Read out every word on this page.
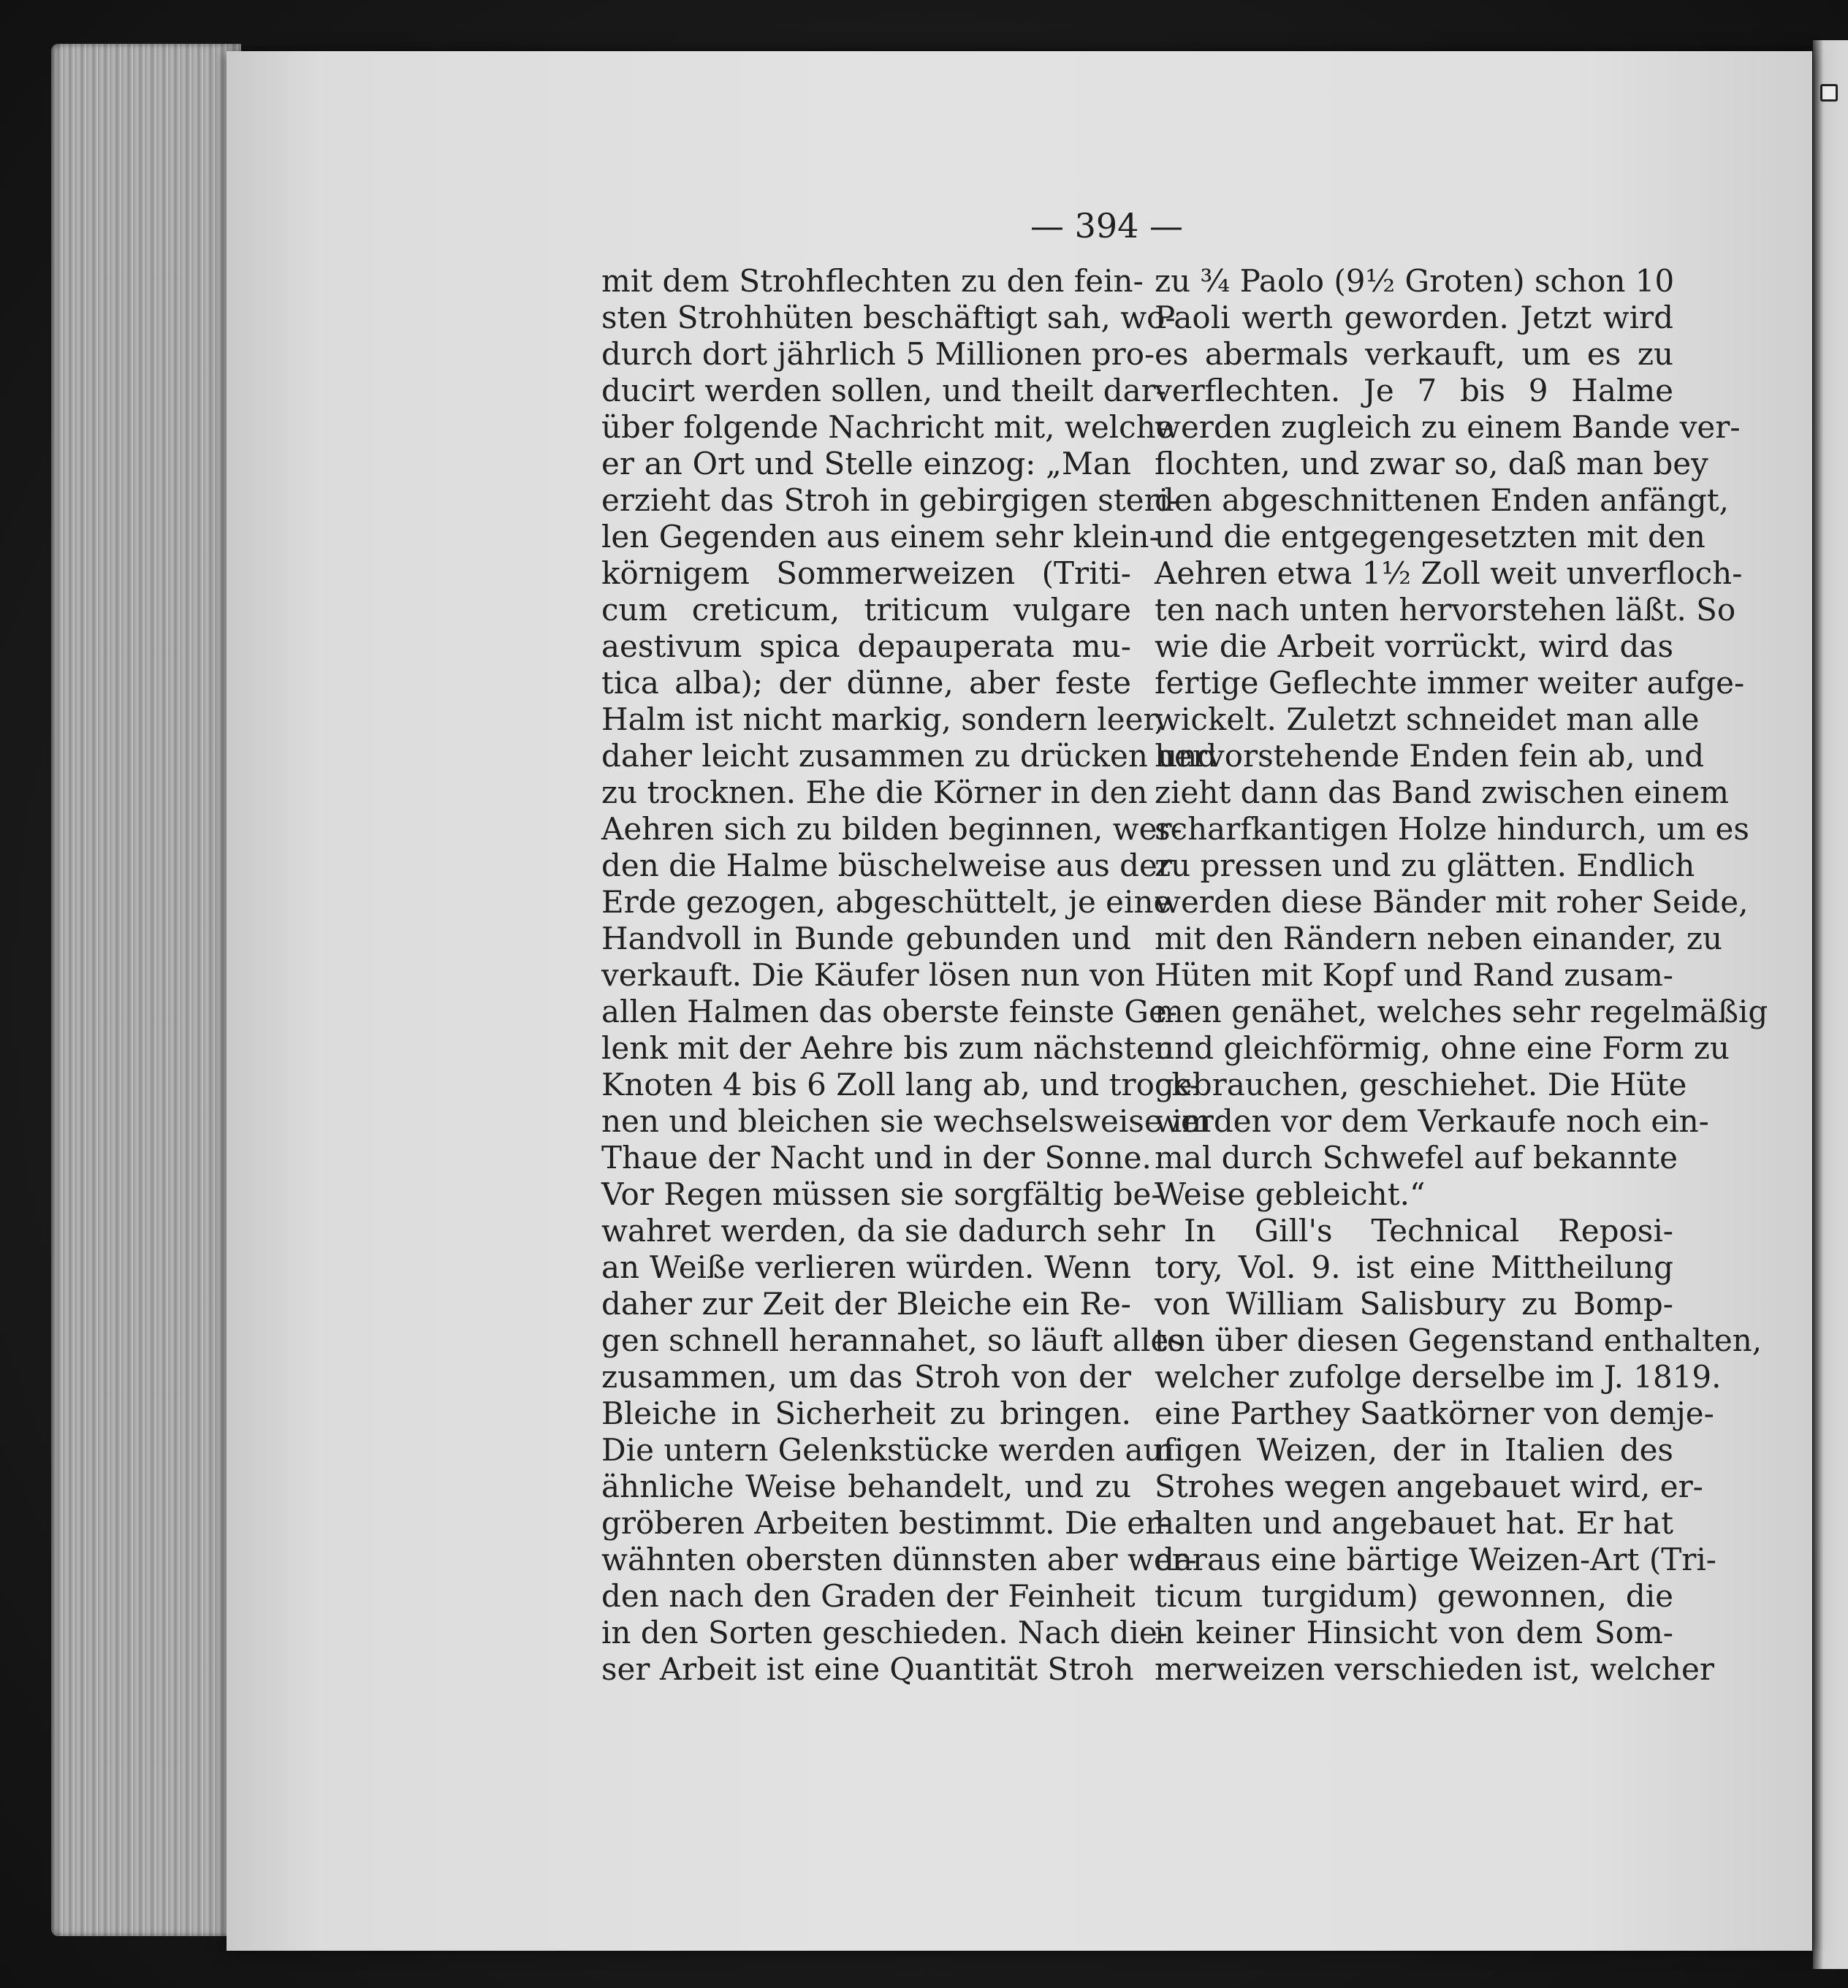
— 394 —
mit dem Strohflechten zu den fein-
sten Strohhüten beschäftigt sah, wo-
durch dort jährlich 5 Millionen pro-
ducirt werden sollen, und theilt dar-
über folgende Nachricht mit, welche
er an Ort und Stelle einzog: „Man
erzieht das Stroh in gebirgigen steri-
len Gegenden aus einem sehr klein-
körnigem Sommerweizen (Triti-
cum creticum, triticum vulgare
aestivum spica depauperata mu-
tica alba); der dünne, aber feste
Halm ist nicht markig, sondern leer,
daher leicht zusammen zu drücken und
zu trocknen. Ehe die Körner in den
Aehren sich zu bilden beginnen, wer-
den die Halme büschelweise aus der
Erde gezogen, abgeschüttelt, je eine
Handvoll in Bunde gebunden und
verkauft. Die Käufer lösen nun von
allen Halmen das oberste feinste Ge-
lenk mit der Aehre bis zum nächsten
Knoten 4 bis 6 Zoll lang ab, und trock-
nen und bleichen sie wechselsweise im
Thaue der Nacht und in der Sonne.
Vor Regen müssen sie sorgfältig be-
wahret werden, da sie dadurch sehr
an Weiße verlieren würden. Wenn
daher zur Zeit der Bleiche ein Re-
gen schnell herannahet, so läuft alles
zusammen, um das Stroh von der
Bleiche in Sicherheit zu bringen.
Die untern Gelenkstücke werden auf
ähnliche Weise behandelt, und zu
gröberen Arbeiten bestimmt. Die er-
wähnten obersten dünnsten aber wer-
den nach den Graden der Feinheit
in den Sorten geschieden. Nach die-
ser Arbeit ist eine Quantität Stroh
zu ¾ Paolo (9½ Groten) schon 10
Paoli werth geworden. Jetzt wird
es abermals verkauft, um es zu
verflechten. Je 7 bis 9 Halme
werden zugleich zu einem Bande ver-
flochten, und zwar so, daß man bey
den abgeschnittenen Enden anfängt,
und die entgegengesetzten mit den
Aehren etwa 1½ Zoll weit unverfloch-
ten nach unten hervorstehen läßt. So
wie die Arbeit vorrückt, wird das
fertige Geflechte immer weiter aufge-
wickelt. Zuletzt schneidet man alle
hervorstehende Enden fein ab, und
zieht dann das Band zwischen einem
scharfkantigen Holze hindurch, um es
zu pressen und zu glätten. Endlich
werden diese Bänder mit roher Seide,
mit den Rändern neben einander, zu
Hüten mit Kopf und Rand zusam-
men genähet, welches sehr regelmäßig
und gleichförmig, ohne eine Form zu
gebrauchen, geschiehet. Die Hüte
werden vor dem Verkaufe noch ein-
mal durch Schwefel auf bekannte
Weise gebleicht.“
In Gill's Technical Reposi-
tory, Vol. 9. ist eine Mittheilung
von William Salisbury zu Bomp-
ton über diesen Gegenstand enthalten,
welcher zufolge derselbe im J. 1819.
eine Parthey Saatkörner von demje-
nigen Weizen, der in Italien des
Strohes wegen angebauet wird, er-
halten und angebauet hat. Er hat
daraus eine bärtige Weizen-Art (Tri-
ticum turgidum) gewonnen, die
in keiner Hinsicht von dem Som-
merweizen verschieden ist, welcher
